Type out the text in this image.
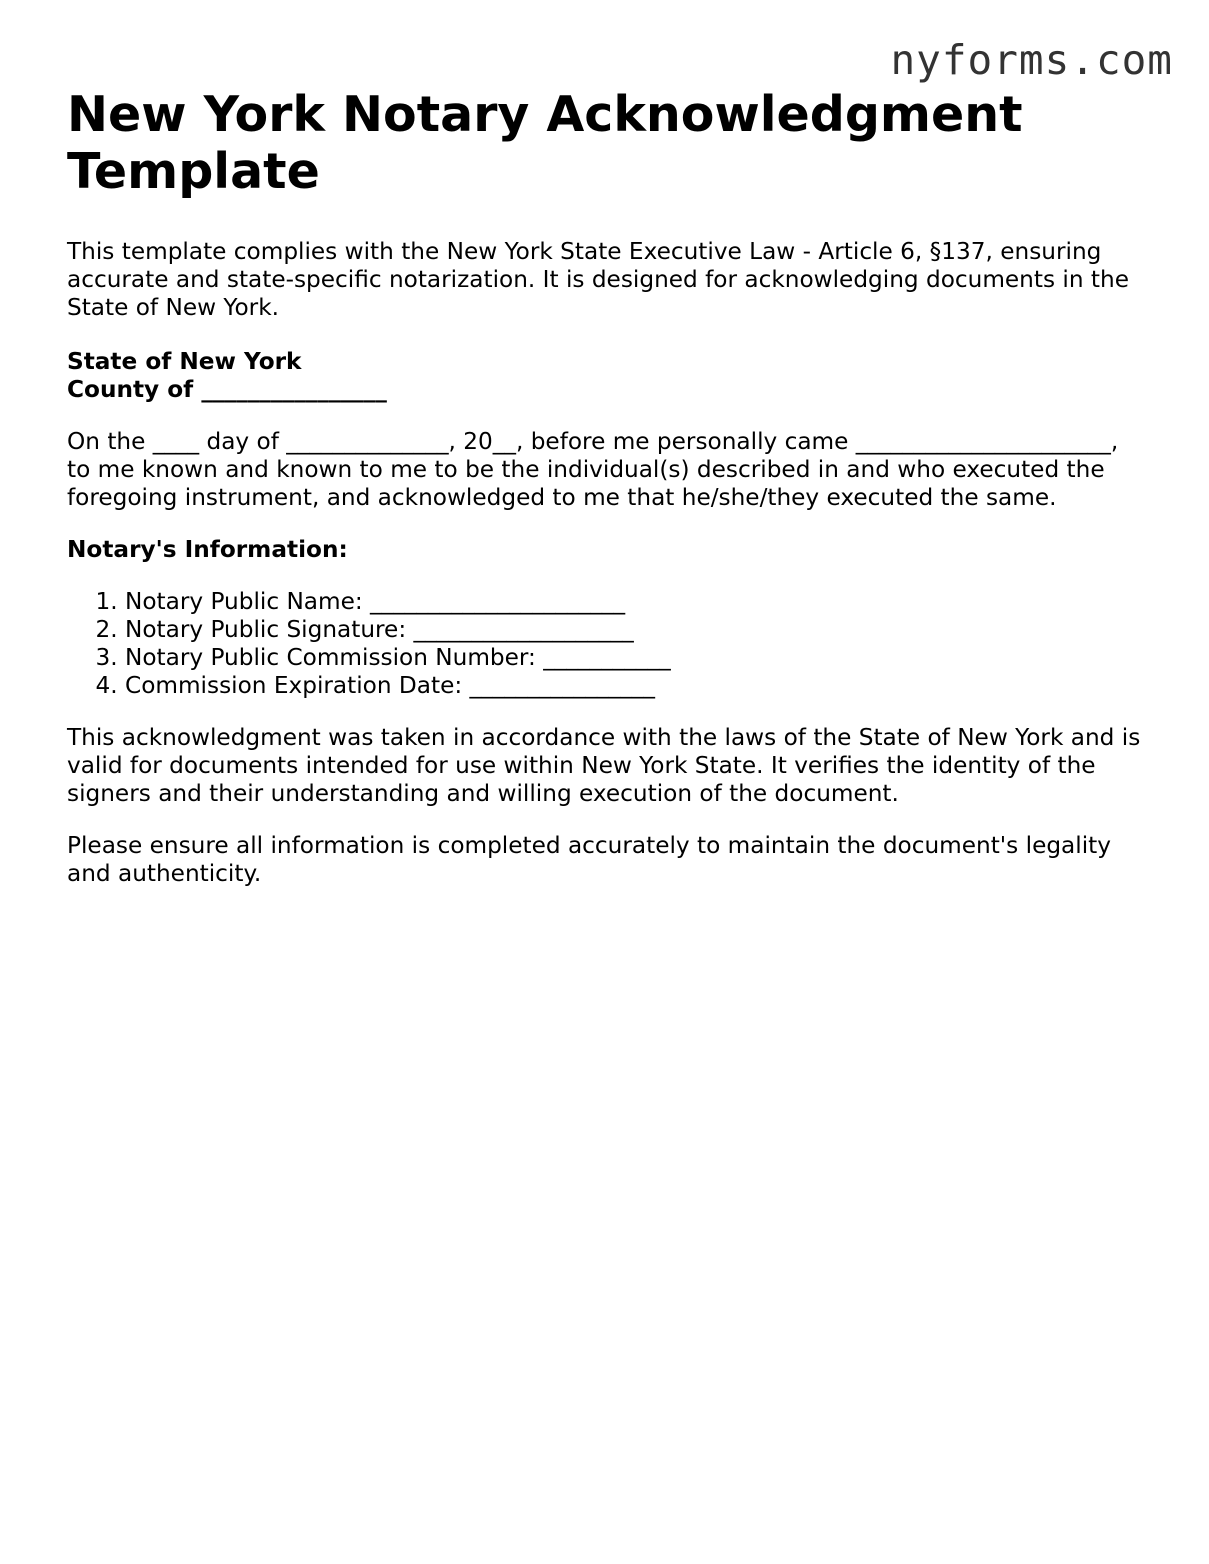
nyforms.com
New York Notary Acknowledgment Template

This template complies with the New York State Executive Law - Article 6, §137, ensuring accurate and state-specific notarization. It is designed for acknowledging documents in the State of New York.

State of New York

County of ________________

On the ____ day of ______________, 20__, before me personally came ______________________, to me known and known to me to be the individual(s) described in and who executed the foregoing instrument, and acknowledged to me that he/she/they executed the same.

Notary's Information:

1. Notary Public Name: ______________________
2. Notary Public Signature: ___________________
3. Notary Public Commission Number: ___________
4. Commission Expiration Date: ________________

This acknowledgment was taken in accordance with the laws of the State of New York and is valid for documents intended for use within New York State. It verifies the identity of the signers and their understanding and willing execution of the document.

Please ensure all information is completed accurately to maintain the document's legality and authenticity.
